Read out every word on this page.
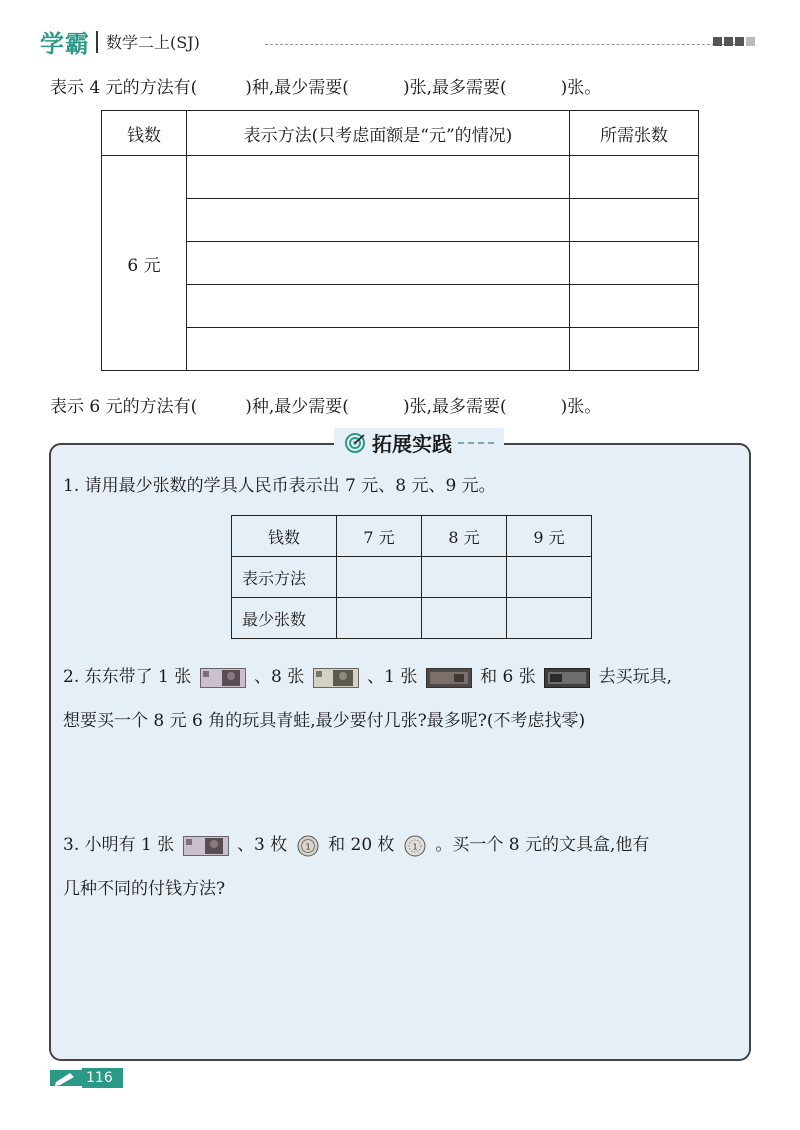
学霸 数学二上(SJ)
表示 4 元的方法有(	)种,最少需要(	)张,最多需要(	)张。
钱数	表示方法(只考虑面额是“元”的情况)	所需张数
6 元		

表示 6 元的方法有(	)种,最少需要(	)张,最多需要(	)张。
拓展实践
1. 请用最少张数的学具人民币表示出 7 元、8 元、9 元。
钱数	7 元	8 元	9 元
表示方法			
最少张数			
2. 东东带了 1 张	、8 张	、1 张	和 6 张	去买玩具,
想要买一个 8 元 6 角的玩具青蛙,最少要付几张?最多呢?(不考虑找零)
3. 小明有 1 张	、3 枚 1 和 20 枚 1 。买一个 8 元的文具盒,他有
几种不同的付钱方法?
116
